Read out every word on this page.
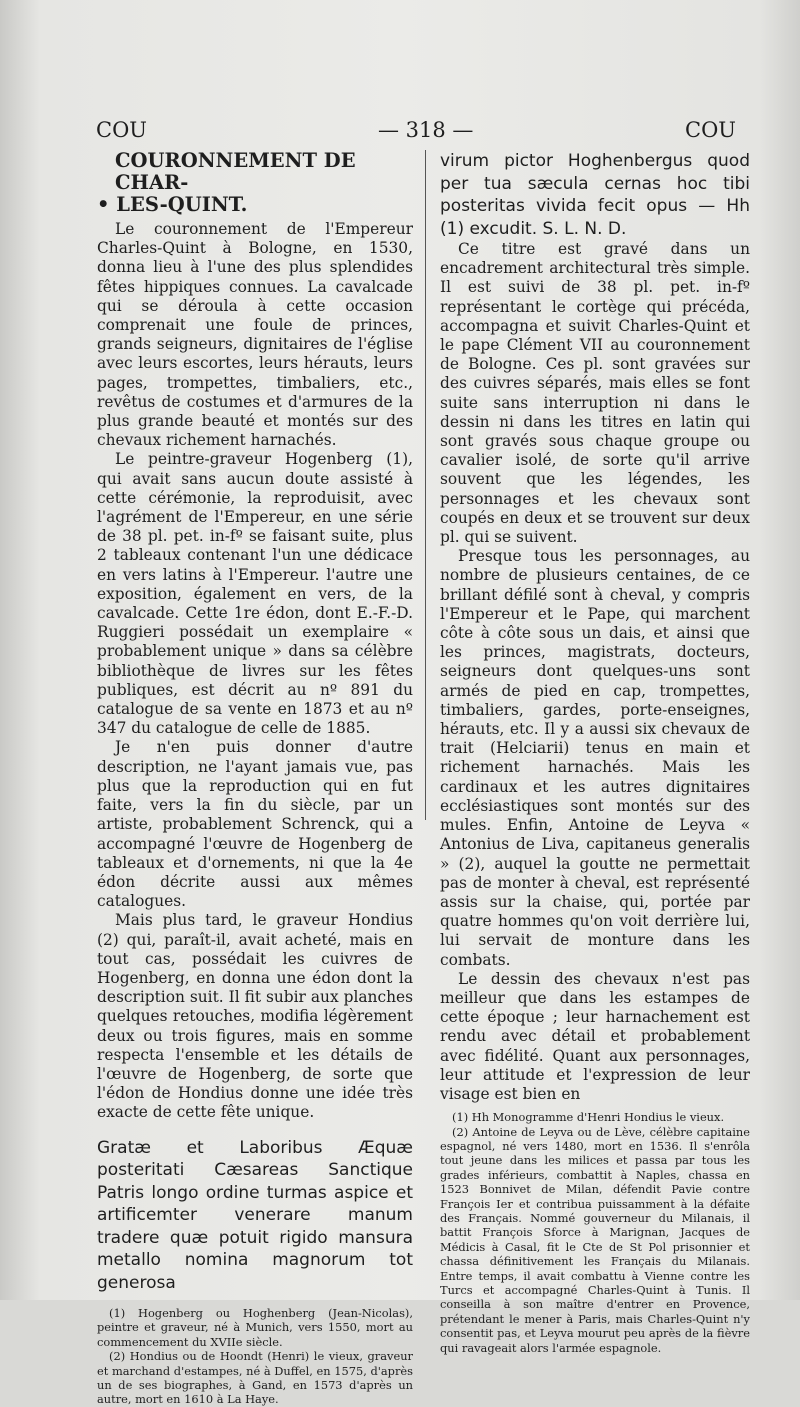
COU	— 318 —	COU
COURONNEMENT DE CHAR-
• LES-QUINT.

Le couronnement de l'Empereur Charles-Quint à Bologne, en 1530, donna lieu à l'une des plus splendides fêtes hippiques connues. La cavalcade qui se déroula à cette occasion comprenait une foule de princes, grands seigneurs, dignitaires de l'église avec leurs escortes, leurs hérauts, leurs pages, trompettes, timbaliers, etc., revêtus de costumes et d'armures de la plus grande beauté et montés sur des chevaux richement harnachés.

Le peintre-graveur Hogenberg (1), qui avait sans aucun doute assisté à cette cérémonie, la reproduisit, avec l'agrément de l'Empereur, en une série de 38 pl. pet. in-fº se faisant suite, plus 2 tableaux contenant l'un une dédicace en vers latins à l'Empereur. l'autre une exposition, également en vers, de la cavalcade. Cette 1re édon, dont E.-F.-D. Ruggieri possédait un exemplaire « probablement unique » dans sa célèbre bibliothèque de livres sur les fêtes publiques, est décrit au nº 891 du catalogue de sa vente en 1873 et au nº 347 du catalogue de celle de 1885.

Je n'en puis donner d'autre description, ne l'ayant jamais vue, pas plus que la reproduction qui en fut faite, vers la fin du siècle, par un artiste, probablement Schrenck, qui a accompagné l'œuvre de Hogenberg de tableaux et d'ornements, ni que la 4e édon décrite aussi aux mêmes catalogues.

Mais plus tard, le graveur Hondius (2) qui, paraît-il, avait acheté, mais en tout cas, possédait les cuivres de Hogenberg, en donna une édon dont la description suit. Il fit subir aux planches quelques retouches, modifia légèrement deux ou trois figures, mais en somme respecta l'ensemble et les détails de l'œuvre de Hogenberg, de sorte que l'édon de Hondius donne une idée très exacte de cette fête unique.

Gratæ et Laboribus Æquæ posteritati Cæsareas Sanctique Patris longo ordine turmas aspice et artificemter venerare manum tradere quæ potuit rigido mansura metallo nomina magnorum tot generosa

(1) Hogenberg ou Hoghenberg (Jean-Nicolas), peintre et graveur, né à Munich, vers 1550, mort au commencement du XVIIe siècle.

(2) Hondius ou de Hoondt (Henri) le vieux, graveur et marchand d'estampes, né à Duffel, en 1575, d'après un de ses biographes, à Gand, en 1573 d'après un autre, mort en 1610 à La Haye.

virum pictor Hoghenbergus quod per tua sæcula cernas hoc tibi posteritas vivida fecit opus — Hh (1) excudit. S. L. N. D.

Ce titre est gravé dans un encadrement architectural très simple. Il est suivi de 38 pl. pet. in-fº représentant le cortège qui précéda, accompagna et suivit Charles-Quint et le pape Clément VII au couronnement de Bologne. Ces pl. sont gravées sur des cuivres séparés, mais elles se font suite sans interruption ni dans le dessin ni dans les titres en latin qui sont gravés sous chaque groupe ou cavalier isolé, de sorte qu'il arrive souvent que les légendes, les personnages et les chevaux sont coupés en deux et se trouvent sur deux pl. qui se suivent.

Presque tous les personnages, au nombre de plusieurs centaines, de ce brillant défilé sont à cheval, y compris l'Empereur et le Pape, qui marchent côte à côte sous un dais, et ainsi que les princes, magistrats, docteurs, seigneurs dont quelques-uns sont armés de pied en cap, trompettes, timbaliers, gardes, porte-enseignes, hérauts, etc. Il y a aussi six chevaux de trait (Helciarii) tenus en main et richement harnachés. Mais les cardinaux et les autres dignitaires ecclésiastiques sont montés sur des mules. Enfin, Antoine de Leyva « Antonius de Liva, capitaneus generalis » (2), auquel la goutte ne permettait pas de monter à cheval, est représenté assis sur la chaise, qui, portée par quatre hommes qu'on voit derrière lui, lui servait de monture dans les combats.

Le dessin des chevaux n'est pas meilleur que dans les estampes de cette époque ; leur harnachement est rendu avec détail et probablement avec fidélité. Quant aux personnages, leur attitude et l'expression de leur visage est bien en

(1) Hh Monogramme d'Henri Hondius le vieux.

(2) Antoine de Leyva ou de Lève, célèbre capitaine espagnol, né vers 1480, mort en 1536. Il s'enrôla tout jeune dans les milices et passa par tous les grades inférieurs, combattit à Naples, chassa en 1523 Bonnivet de Milan, défendit Pavie contre François Ier et contribua puissamment à la défaite des Français. Nommé gouverneur du Milanais, il battit François Sforce à Marignan, Jacques de Médicis à Casal, fit le Cte de St Pol prisonnier et chassa définitivement les Français du Milanais. Entre temps, il avait combattu à Vienne contre les Turcs et accompagné Charles-Quint à Tunis. Il conseilla à son maître d'entrer en Provence, prétendant le mener à Paris, mais Charles-Quint n'y consentit pas, et Leyva mourut peu après de la fièvre qui ravageait alors l'armée espagnole.
